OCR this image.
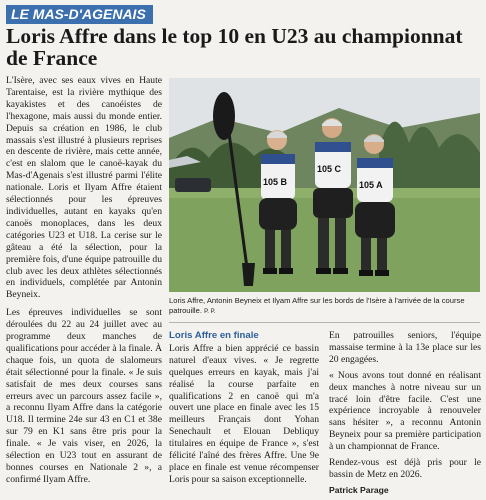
LE MAS-D'AGENAIS
Loris Affre dans le top 10 en U23 au championnat de France

L'Isère, avec ses eaux vives en Haute Tarentaise, est la rivière mythique des kayakistes et des canoéistes de l'hexagone, mais aussi du monde entier. Depuis sa création en 1986, le club massais s'est illustré à plusieurs reprises en descente de rivière, mais cette année, c'est en slalom que le canoë-kayak du Mas-d'Agenais s'est illustré parmi l'élite nationale. Loris et Ilyam Affre étaient sélectionnés pour les épreuves individuelles, autant en kayaks qu'en canoës monoplaces, dans les deux catégories U23 et U18. La cerise sur le gâteau a été la sélection, pour la première fois, d'une équipe patrouille du club avec les deux athlètes sélectionnés en individuels, complétée par Antonin Beyneix.

Les épreuves individuelles se sont déroulées du 22 au 24 juillet avec au programme deux manches de qualifications pour accéder à la finale. À chaque fois, un quota de slalomeurs était sélectionné pour la finale. « Je suis satisfait de mes deux courses sans erreurs avec un parcours assez facile », a reconnu Ilyam Affre dans la catégorie U18. Il termine 24e sur 43 en C1 et 38e sur 79 en K1 sans être pris pour la finale. « Je vais viser, en 2026, la sélection en U23 tout en assurant de bonnes courses en Nationale 2 », a confirmé Ilyam Affre.

105 B
105 C
105 A
Loris Affre, Antonin Beyneix et Ilyam Affre sur les bords de l'Isère à l'arrivée de la course patrouille. P. P.
Loris Affre en finale

Loris Affre a bien apprécié ce bassin naturel d'eaux vives. « Je regrette quelques erreurs en kayak, mais j'ai réalisé la course parfaite en qualifications 2 en canoë qui m'a ouvert une place en finale avec les 15 meilleurs Français dont Yohan Senechault et Elouan Debliquy titulaires en équipe de France », s'est félicité l'aîné des frères Affre. Une 9e place en finale est venue récompenser Loris pour sa saison exceptionnelle.

En patrouilles seniors, l'équipe massaise termine à la 13e place sur les 20 engagées.

« Nous avons tout donné en réalisant deux manches à notre niveau sur un tracé loin d'être facile. C'est une expérience incroyable à renouveler sans hésiter », a reconnu Antonin Beyneix pour sa première participation à un championnat de France.

Rendez-vous est déjà pris pour le bassin de Metz en 2026.

Patrick Parage
